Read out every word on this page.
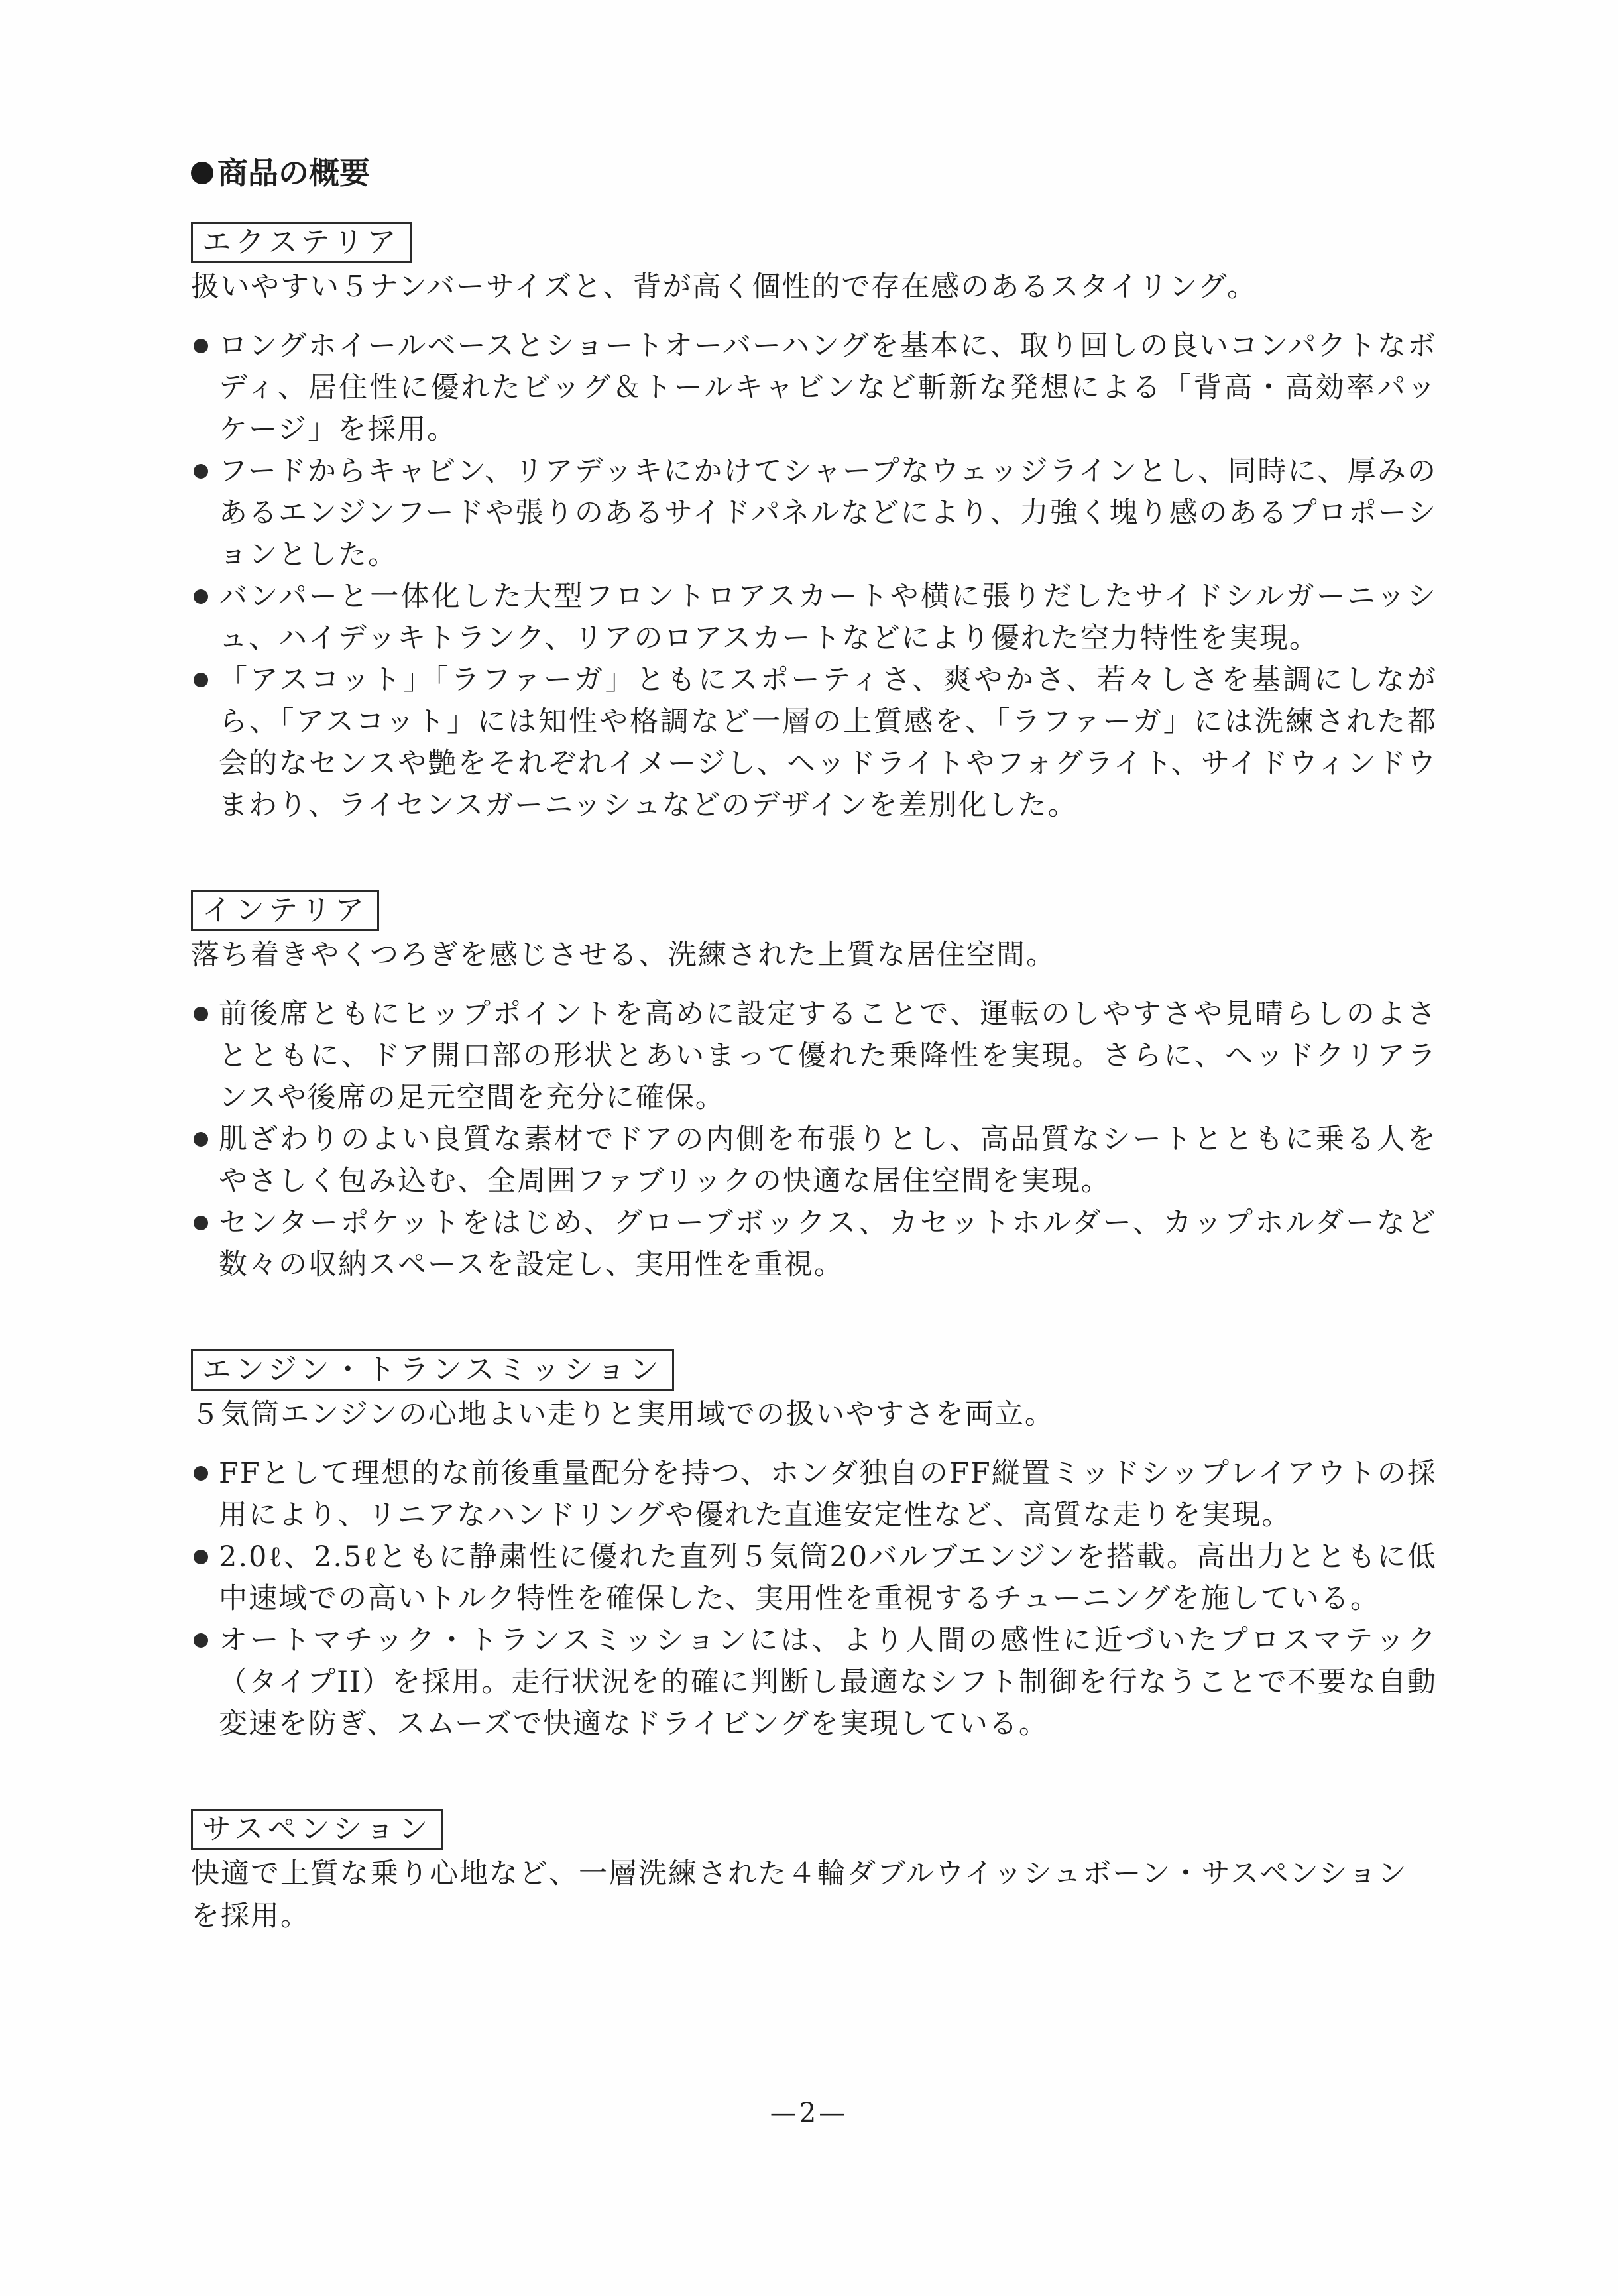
商品の概要
エクステリア

扱いやすい５ナンバーサイズと、背が高く個性的で存在感のあるスタイリング。

ロングホイールベースとショートオーバーハングを基本に、取り回しの良いコンパクトなボディ、居住性に優れたビッグ＆トールキャビンなど斬新な発想による「背高・高効率パッケージ」を採用。
フードからキャビン、リアデッキにかけてシャープなウェッジラインとし、同時に、厚みのあるエンジンフードや張りのあるサイドパネルなどにより、力強く塊り感のあるプロポーションとした。
バンパーと一体化した大型フロントロアスカートや横に張りだしたサイドシルガーニッシュ、ハイデッキトランク、リアのロアスカートなどにより優れた空力特性を実現。
「アスコット」「ラファーガ」ともにスポーティさ、爽やかさ、若々しさを基調にしながら、「アスコット」には知性や格調など一層の上質感を、「ラファーガ」には洗練された都会的なセンスや艶をそれぞれイメージし、ヘッドライトやフォグライト、サイドウィンドウまわり、ライセンスガーニッシュなどのデザインを差別化した。
インテリア

落ち着きやくつろぎを感じさせる、洗練された上質な居住空間。

前後席ともにヒップポイントを高めに設定することで、運転のしやすさや見晴らしのよさとともに、ドア開口部の形状とあいまって優れた乗降性を実現。さらに、ヘッドクリアランスや後席の足元空間を充分に確保。
肌ざわりのよい良質な素材でドアの内側を布張りとし、高品質なシートとともに乗る人をやさしく包み込む、全周囲ファブリックの快適な居住空間を実現。
センターポケットをはじめ、グローブボックス、カセットホルダー、カップホルダーなど数々の収納スペースを設定し、実用性を重視。
エンジン・トランスミッション

５気筒エンジンの心地よい走りと実用域での扱いやすさを両立。

FFとして理想的な前後重量配分を持つ、ホンダ独自のFF縦置ミッドシップレイアウトの採用により、リニアなハンドリングや優れた直進安定性など、高質な走りを実現。
2.0ℓ、2.5ℓともに静粛性に優れた直列５気筒20バルブエンジンを搭載。高出力とともに低中速域での高いトルク特性を確保した、実用性を重視するチューニングを施している。
オートマチック・トランスミッションには、より人間の感性に近づいたプロスマテック（タイプII）を採用。走行状況を的確に判断し最適なシフト制御を行なうことで不要な自動変速を防ぎ、スムーズで快適なドライビングを実現している。
サスペンション

快適で上質な乗り心地など、一層洗練された４輪ダブルウイッシュボーン・サスペンションを採用。

—2—
